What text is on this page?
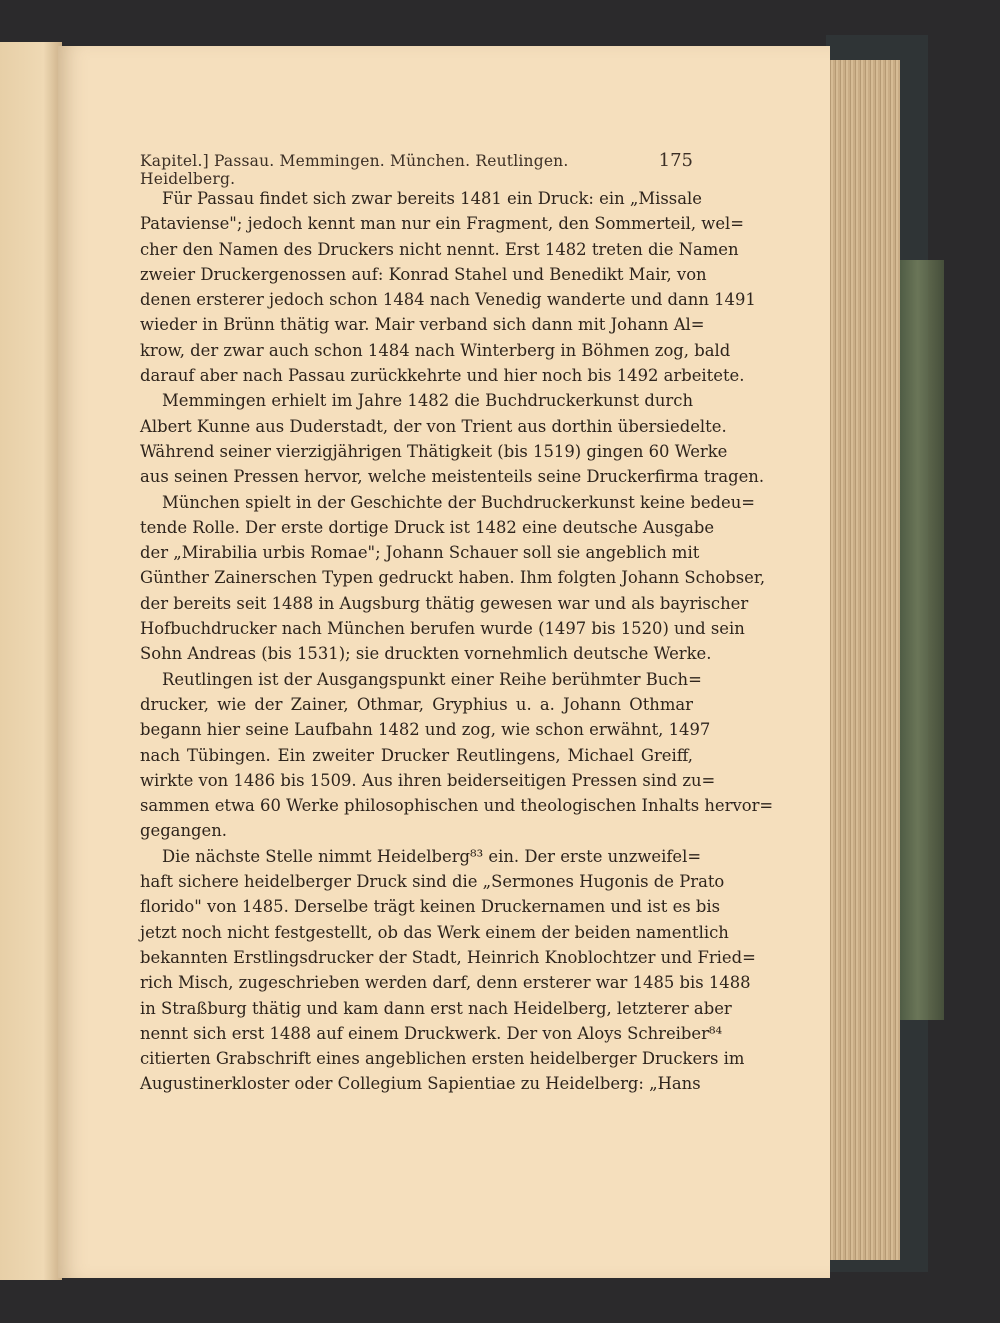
Kapitel.] Passau. Memmingen. München. Reutlingen. Heidelberg.
175
Für Passau findet sich zwar bereits 1481 ein Druck: ein „Missale
Pataviense"; jedoch kennt man nur ein Fragment, den Sommerteil, wel=
cher den Namen des Druckers nicht nennt. Erst 1482 treten die Namen
zweier Druckergenossen auf: Konrad Stahel und Benedikt Mair, von
denen ersterer jedoch schon 1484 nach Venedig wanderte und dann 1491
wieder in Brünn thätig war. Mair verband sich dann mit Johann Al=
krow, der zwar auch schon 1484 nach Winterberg in Böhmen zog, bald
darauf aber nach Passau zurückkehrte und hier noch bis 1492 arbeitete.
Memmingen erhielt im Jahre 1482 die Buchdruckerkunst durch
Albert Kunne aus Duderstadt, der von Trient aus dorthin übersiedelte.
Während seiner vierzigjährigen Thätigkeit (bis 1519) gingen 60 Werke
aus seinen Pressen hervor, welche meistenteils seine Druckerfirma tragen.
München spielt in der Geschichte der Buchdruckerkunst keine bedeu=
tende Rolle. Der erste dortige Druck ist 1482 eine deutsche Ausgabe
der „Mirabilia urbis Romae"; Johann Schauer soll sie angeblich mit
Günther Zainerschen Typen gedruckt haben. Ihm folgten Johann Schobser,
der bereits seit 1488 in Augsburg thätig gewesen war und als bayrischer
Hofbuchdrucker nach München berufen wurde (1497 bis 1520) und sein
Sohn Andreas (bis 1531); sie druckten vornehmlich deutsche Werke.
Reutlingen ist der Ausgangspunkt einer Reihe berühmter Buch=
drucker, wie der Zainer, Othmar, Gryphius u. a. Johann Othmar
begann hier seine Laufbahn 1482 und zog, wie schon erwähnt, 1497
nach Tübingen. Ein zweiter Drucker Reutlingens, Michael Greiff,
wirkte von 1486 bis 1509. Aus ihren beiderseitigen Pressen sind zu=
sammen etwa 60 Werke philosophischen und theologischen Inhalts hervor=
gegangen.
Die nächste Stelle nimmt Heidelberg⁸³ ein. Der erste unzweifel=
haft sichere heidelberger Druck sind die „Sermones Hugonis de Prato
florido" von 1485. Derselbe trägt keinen Druckernamen und ist es bis
jetzt noch nicht festgestellt, ob das Werk einem der beiden namentlich
bekannten Erstlingsdrucker der Stadt, Heinrich Knoblochtzer und Fried=
rich Misch, zugeschrieben werden darf, denn ersterer war 1485 bis 1488
in Straßburg thätig und kam dann erst nach Heidelberg, letzterer aber
nennt sich erst 1488 auf einem Druckwerk. Der von Aloys Schreiber⁸⁴
citierten Grabschrift eines angeblichen ersten heidelberger Druckers im
Augustinerkloster oder Collegium Sapientiae zu Heidelberg: „Hans
